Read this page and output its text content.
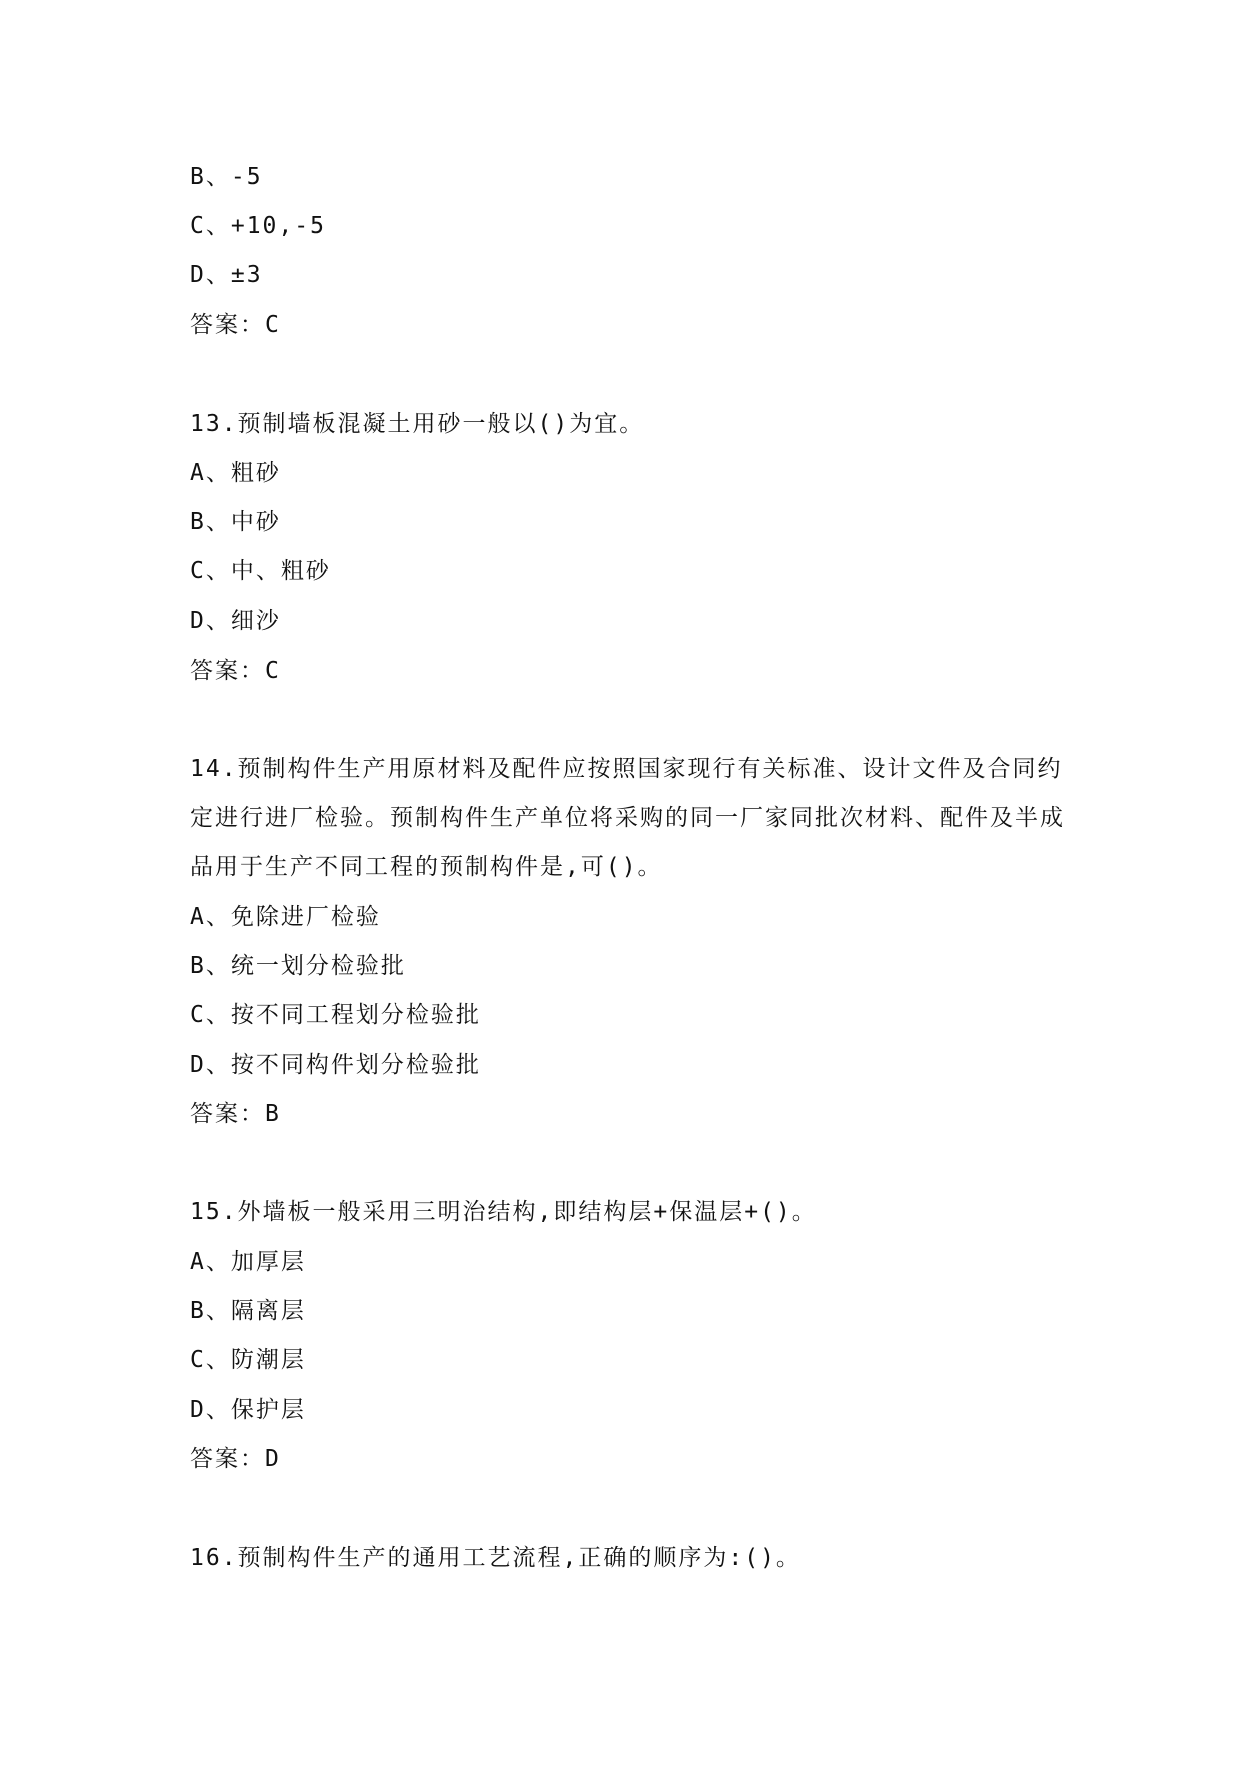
B、-5
C、+10,-5
D、±3
答案：C
13.预制墙板混凝土用砂一般以()为宜。
A、粗砂
B、中砂
C、中、粗砂
D、细沙
答案：C
14.预制构件生产用原材料及配件应按照国家现行有关标准、设计文件及合同约
定进行进厂检验。预制构件生产单位将采购的同一厂家同批次材料、配件及半成
品用于生产不同工程的预制构件是,可()。
A、免除进厂检验
B、统一划分检验批
C、按不同工程划分检验批
D、按不同构件划分检验批
答案：B
15.外墙板一般采用三明治结构,即结构层+保温层+()。
A、加厚层
B、隔离层
C、防潮层
D、保护层
答案：D
16.预制构件生产的通用工艺流程,正确的顺序为:()。
